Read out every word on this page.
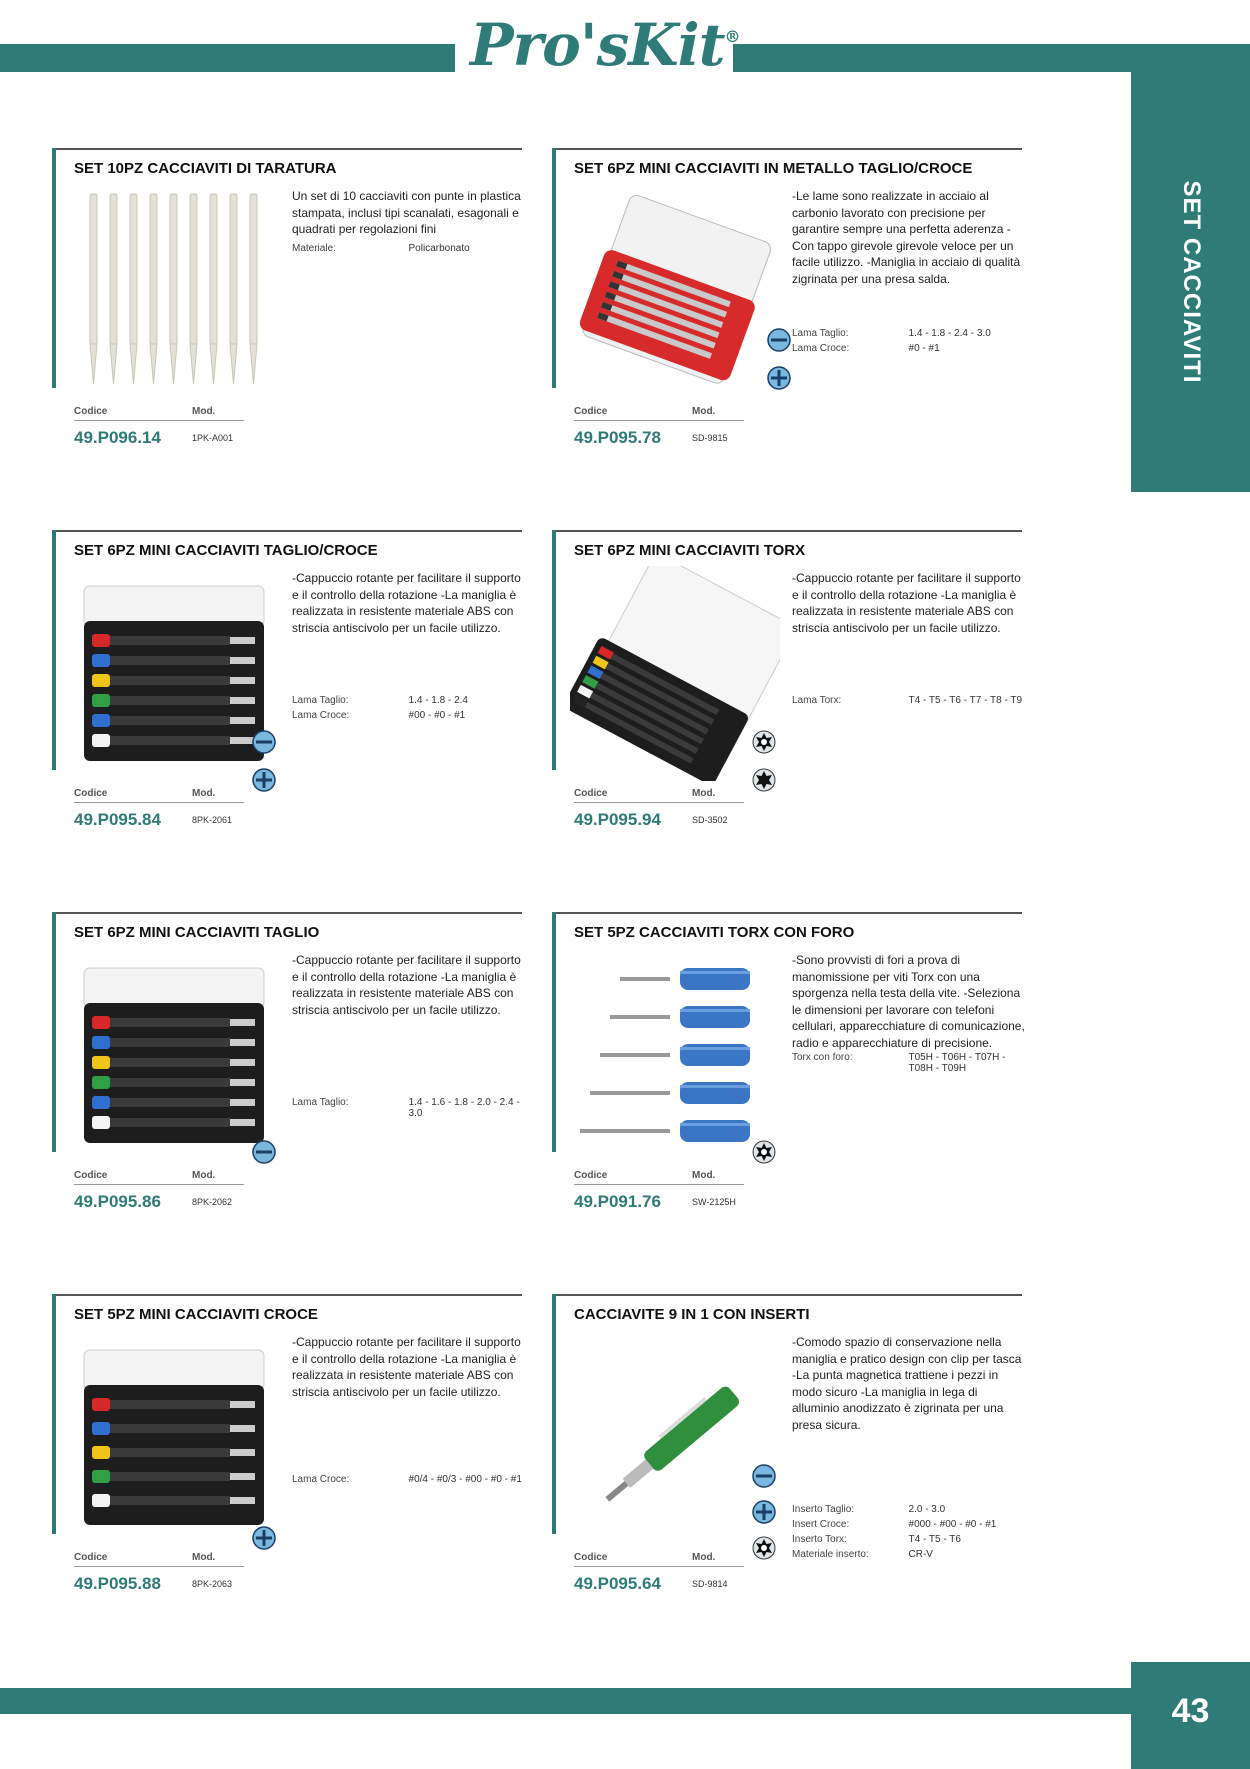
Pro'sKit®
SET CACCIAVITI
43
SET 10PZ CACCIAVITI DI TARATURA
Un set di 10 cacciaviti con punte in plastica stampata, inclusi tipi scanalati, esagonali e quadrati per regolazioni fini
Materiale:	Policarbonato
Codice	Mod.
49.P096.14	1PK-A001
SET 6PZ MINI CACCIAVITI IN METALLO TAGLIO/CROCE
-Le lame sono realizzate in acciaio al carbonio lavorato con precisione per garantire sempre una perfetta aderenza -Con tappo girevole girevole veloce per un facile utilizzo. -Maniglia in acciaio di qualità zigrinata per una presa salda.
Lama Taglio:	1.4 - 1.8 - 2.4 - 3.0
Lama Croce:	#0 - #1
Codice	Mod.
49.P095.78	SD-9815
SET 6PZ MINI CACCIAVITI TAGLIO/CROCE
-Cappuccio rotante per facilitare il supporto e il controllo della rotazione -La maniglia è realizzata in resistente materiale ABS con striscia antiscivolo per un facile utilizzo.
Lama Taglio:	1.4 - 1.8 - 2.4
Lama Croce:	#00 - #0 - #1
Codice	Mod.
49.P095.84	8PK-2061
SET 6PZ MINI CACCIAVITI TORX
-Cappuccio rotante per facilitare il supporto e il controllo della rotazione -La maniglia è realizzata in resistente materiale ABS con striscia antiscivolo per un facile utilizzo.
Lama Torx:	T4 - T5 - T6 - T7 - T8 - T9
Codice	Mod.
49.P095.94	SD-3502
SET 6PZ MINI CACCIAVITI TAGLIO
-Cappuccio rotante per facilitare il supporto e il controllo della rotazione -La maniglia è realizzata in resistente materiale ABS con striscia antiscivolo per un facile utilizzo.
Lama Taglio:	1.4 - 1.6 - 1.8 - 2.0 - 2.4 - 3.0
Codice	Mod.
49.P095.86	8PK-2062
SET 5PZ CACCIAVITI TORX CON FORO
-Sono provvisti di fori a prova di manomissione per viti Torx con una sporgenza nella testa della vite. -Seleziona le dimensioni per lavorare con telefoni cellulari, apparecchiature di comunicazione, radio e apparecchiature di precisione.
Torx con foro:	T05H - T06H - T07H - T08H - T09H
Codice	Mod.
49.P091.76	SW-2125H
SET 5PZ MINI CACCIAVITI CROCE
-Cappuccio rotante per facilitare il supporto e il controllo della rotazione -La maniglia è realizzata in resistente materiale ABS con striscia antiscivolo per un facile utilizzo.
Lama Croce:	#0/4 - #0/3 - #00 - #0 - #1
Codice	Mod.
49.P095.88	8PK-2063
CACCIAVITE 9 IN 1 CON INSERTI
-Comodo spazio di conservazione nella maniglia e pratico design con clip per tasca -La punta magnetica trattiene i pezzi in modo sicuro -La maniglia in lega di alluminio anodizzato è zigrinata per una presa sicura.
Inserto Taglio:	2.0 - 3.0
Insert Croce:	#000 - #00 - #0 - #1
Inserto Torx:	T4 - T5 - T6
Materiale inserto:	CR-V
Codice	Mod.
49.P095.64	SD-9814
